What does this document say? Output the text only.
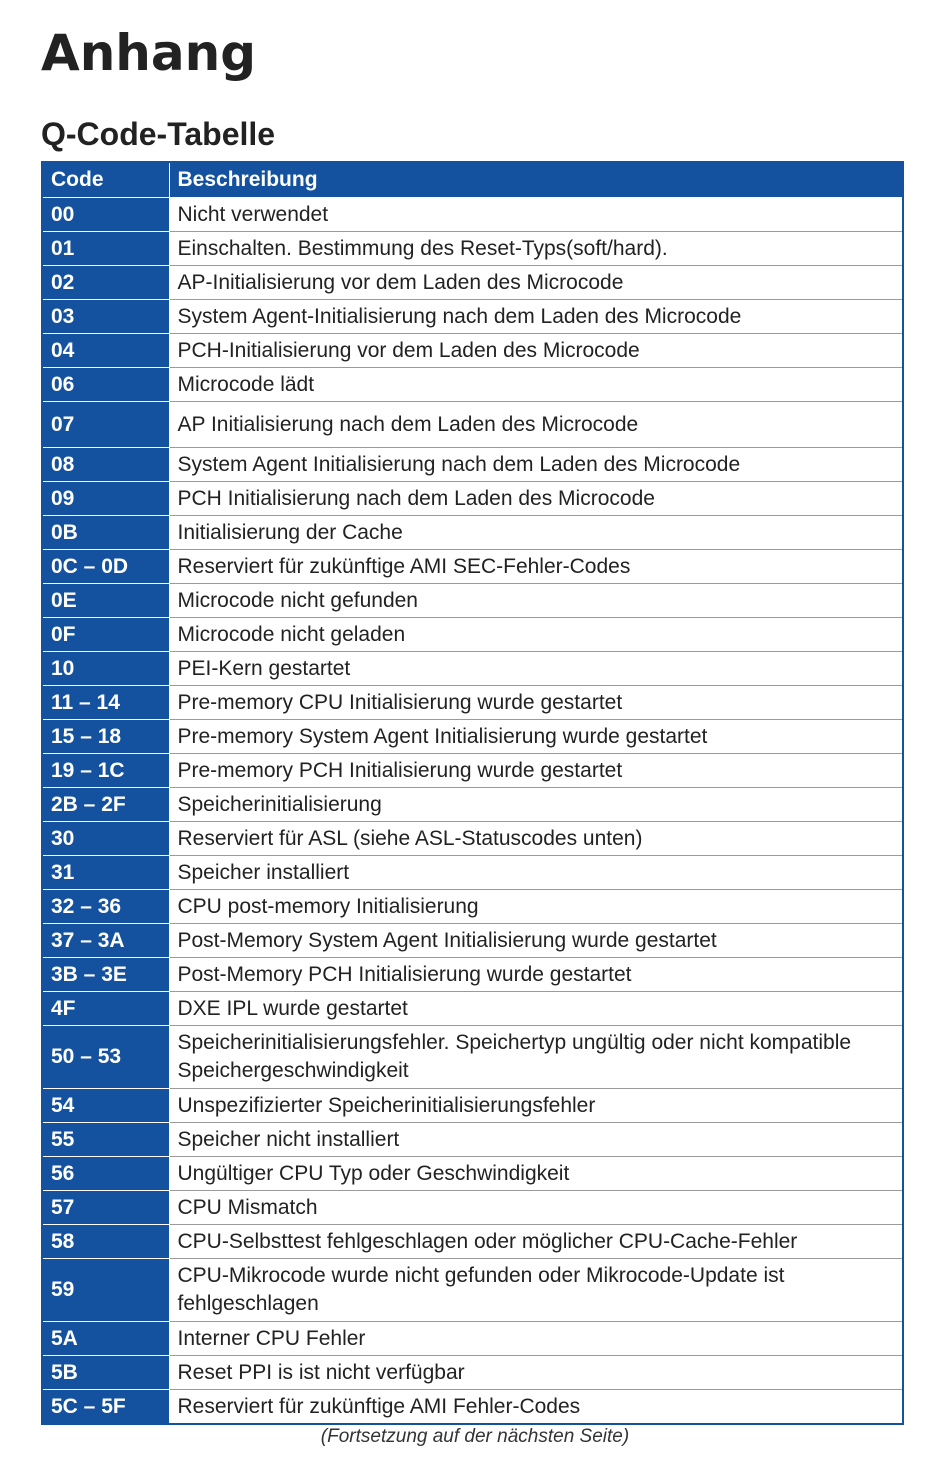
Anhang
Q-Code-Tabelle
Code	Beschreibung
00	Nicht verwendet
01	Einschalten. Bestimmung des Reset-Typs(soft/hard).
02	AP-Initialisierung vor dem Laden des Microcode
03	System Agent-Initialisierung nach dem Laden des Microcode
04	PCH-Initialisierung vor dem Laden des Microcode
06	Microcode lädt
07	AP Initialisierung nach dem Laden des Microcode
08	System Agent Initialisierung nach dem Laden des Microcode
09	PCH Initialisierung nach dem Laden des Microcode
0B	Initialisierung der Cache
0C – 0D	Reserviert für zukünftige AMI SEC-Fehler-Codes
0E	Microcode nicht gefunden
0F	Microcode nicht geladen
10	PEI-Kern gestartet
11 – 14	Pre-memory CPU Initialisierung wurde gestartet
15 – 18	Pre-memory System Agent Initialisierung wurde gestartet
19 – 1C	Pre-memory PCH Initialisierung wurde gestartet
2B – 2F	Speicherinitialisierung
30	Reserviert für ASL (siehe ASL-Statuscodes unten)
31	Speicher installiert
32 – 36	CPU post-memory Initialisierung
37 – 3A	Post-Memory System Agent Initialisierung wurde gestartet
3B – 3E	Post-Memory PCH Initialisierung wurde gestartet
4F	DXE IPL wurde gestartet
50 – 53	Speicherinitialisierungsfehler. Speichertyp ungültig oder nicht kompatible Speichergeschwindigkeit
54	Unspezifizierter Speicherinitialisierungsfehler
55	Speicher nicht installiert
56	Ungültiger CPU Typ oder Geschwindigkeit
57	CPU Mismatch
58	CPU-Selbsttest fehlgeschlagen oder möglicher CPU-Cache-Fehler
59	CPU-Mikrocode wurde nicht gefunden oder Mikrocode-Update ist fehlgeschlagen
5A	Interner CPU Fehler
5B	Reset PPI is ist nicht verfügbar
5C – 5F	Reserviert für zukünftige AMI Fehler-Codes
(Fortsetzung auf der nächsten Seite)
